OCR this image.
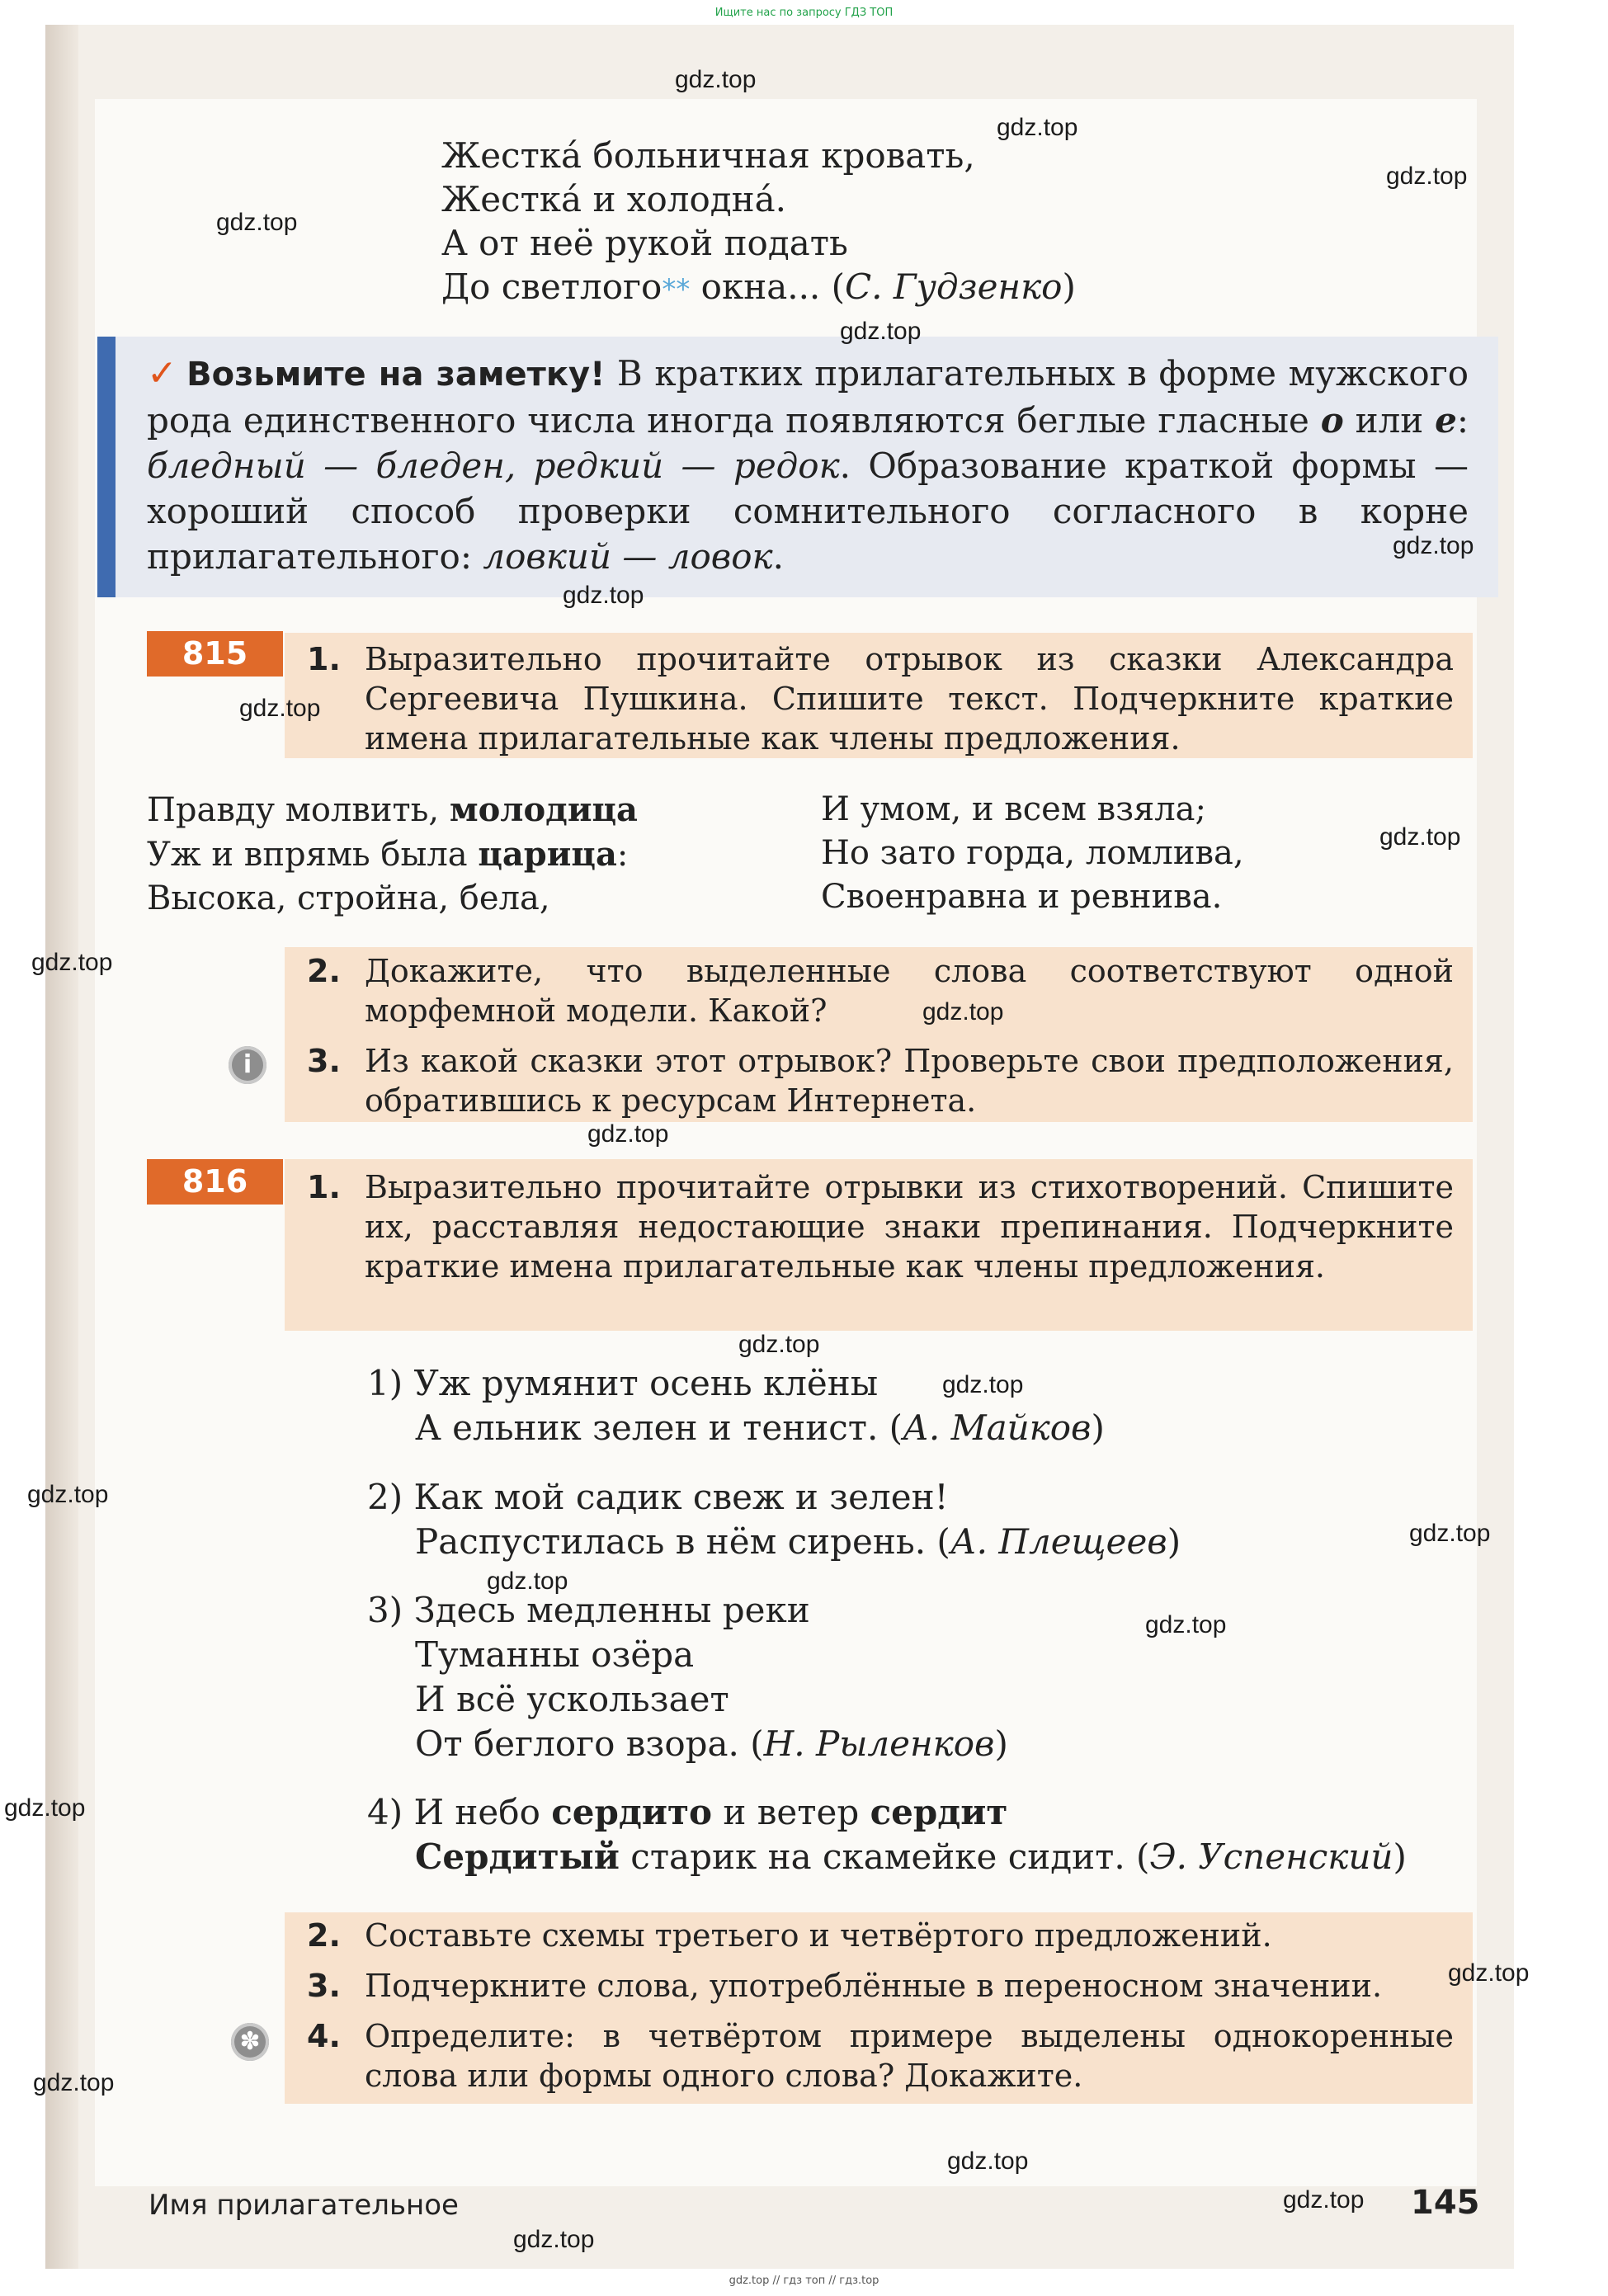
Ищите нас по запросу ГДЗ ТОП
Жестка́ больничная кровать,
Жестка́ и холодна́.
А от неё рукой подать
До светлого** окна... (С. Гудзенко)
✓ Возьмите на заметку! В кратких прилагательных в форме мужского рода единственного числа иногда появляются беглые гласные о или е: бледный — бледен, редкий — редок. Образование краткой формы — хороший способ проверки сомнительного согласного в корне прилагательного: ловкий — ловок.
815	1. Выразительно прочитайте отрывок из сказки Александра Сергеевича Пушкина. Спишите текст. Подчеркните краткие имена прилагательные как члены предложения.
Правду молвить, молодица
Уж и впрямь была царица:
Высока, стройна, бела,
И умом, и всем взяла;
Но зато горда, ломлива,
Своенравна и ревнива.
2. Докажите, что выделенные слова соответствуют одной морфемной модели. Какой?
i	3. Из какой сказки этот отрывок? Проверьте свои предположения, обратившись к ресурсам Интернета.
816	1. Выразительно прочитайте отрывки из стихотворений. Спишите их, расставляя недостающие знаки препинания. Подчеркните краткие имена прилагательные как члены предложения.
1) Уж румянит осень клёны
А ельник зелен и тенист. (А. Майков)
2) Как мой садик свеж и зелен!
Распустилась в нём сирень. (А. Плещеев)
3) Здесь медленны реки
Туманны озёра
И всё ускользает
От беглого взора. (Н. Рыленков)
4) И небо сердито и ветер сердит
Сердитый старик на скамейке сидит. (Э. Успенский)
2. Составьте схемы третьего и четвёртого предложений.
3. Подчеркните слова, употреблённые в переносном значении.
✽ 4. Определите: в четвёртом примере выделены однокоренные слова или формы одного слова? Докажите.
Имя прилагательное	145
gdz.top
gdz.top
gdz.top
gdz.top
gdz.top
gdz.top
gdz.top
gdz.top
gdz.top
gdz.top
gdz.top
gdz.top
gdz.top
gdz.top
gdz.top
gdz.top
gdz.top
gdz.top
gdz.top
gdz.top
gdz.top
gdz.top
gdz.top
gdz.top
gdz.top // гдз топ // гдз.top
